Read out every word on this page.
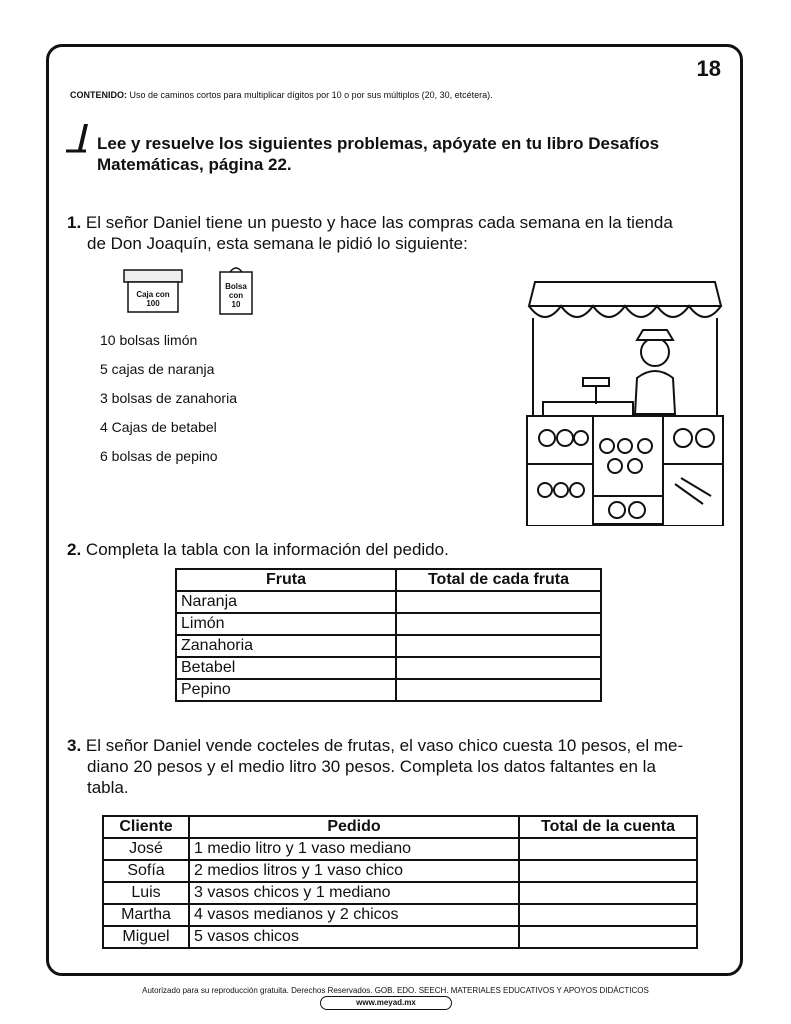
18
CONTENIDO: Uso de caminos cortos para multiplicar dígitos por 10 o por sus múltiplos (20, 30, etcétera).
Lee y resuelve los siguientes problemas, apóyate en tu libro Desafíos
Matemáticas, página 22.
1. El señor Daniel tiene un puesto y hace las compras cada semana en la tienda
de Don Joaquín, esta semana le pidió lo siguiente:
Caja con
100
Bolsa
con
10
10 bolsas limón
5 cajas de naranja
3 bolsas de zanahoria
4 Cajas de betabel
6 bolsas de pepino
2. Completa la tabla con la información del pedido.
Fruta	Total de cada fruta
Naranja	
Limón	
Zanahoria	
Betabel	
Pepino	
3. El señor Daniel vende cocteles de frutas, el vaso chico cuesta 10 pesos, el me-
diano 20 pesos y el medio litro 30 pesos. Completa los datos faltantes en la
tabla.
Cliente	Pedido	Total de la cuenta
José	1 medio litro y 1 vaso mediano	
Sofía	2 medios litros y 1 vaso chico	
Luis	3 vasos chicos y 1 mediano	
Martha	4 vasos medianos y 2 chicos	
Miguel	5 vasos chicos	
Autorizado para su reproducción gratuita. Derechos Reservados. GOB. EDO. SEECH. MATERIALES EDUCATIVOS Y APOYOS DIDÁCTICOS
www.meyad.mx
